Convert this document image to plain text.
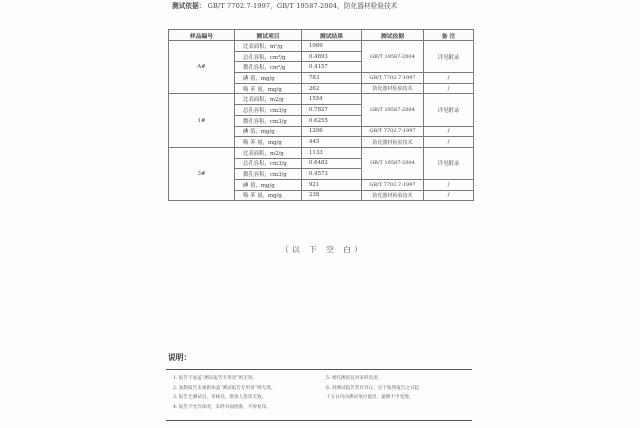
测试依据： GB/T 7702.7-1997，GB/T 19587-2004，防化器材检验技术
样品编号	测试项目	测试结果	测试依据	备 注
A#	比表面积，m²/g	1069	GB/T 19587-2004	详见附录
	总孔容积，cm³/g	0.4893		
	微孔容积，cm³/g	0.4157		
	碘 值，mg/g	783	GB/T 7702.7-1997	/
	吸 苯 量，mg/g	262	防化器材检验技术	/
1#	比表面积，m2/g	1554	GB/T 19587-2004	详见附录
	总孔容积，cm3/g	0.7827		
	微孔容积，cm3/g	0.6255		
	碘 值，mg/g	1206	GB/T 7702.7-1997	/
	吸 苯 量，mg/g	445	防化器材检验技术	/
3#	比表面积，m2/g	1133	GB/T 19587-2004	详见附录
	总孔容积，cm3/g	0.6482		
	微孔容积，cm3/g	0.4573		
	碘 值，mg/g	921	GB/T 7702.7-1997	/
	吸 苯 量，mg/g	238	防化器材检验技术	/
（以 下 空 白）
说明：
1. 报告不加盖“测试报告专用章”则无效。
2. 复制报告未重新加盖“测试报告专用章”则无效。
3. 报告无测试员、审核员、批准人签章无效。
4. 报告不允许涂改，未经书面批准，不得复印。
5. 委托测试仅对来样负责。
6. 对测试报告若有异议，应于收到报告之日起
十五日内向测试单位提出，逾期不予受理。
